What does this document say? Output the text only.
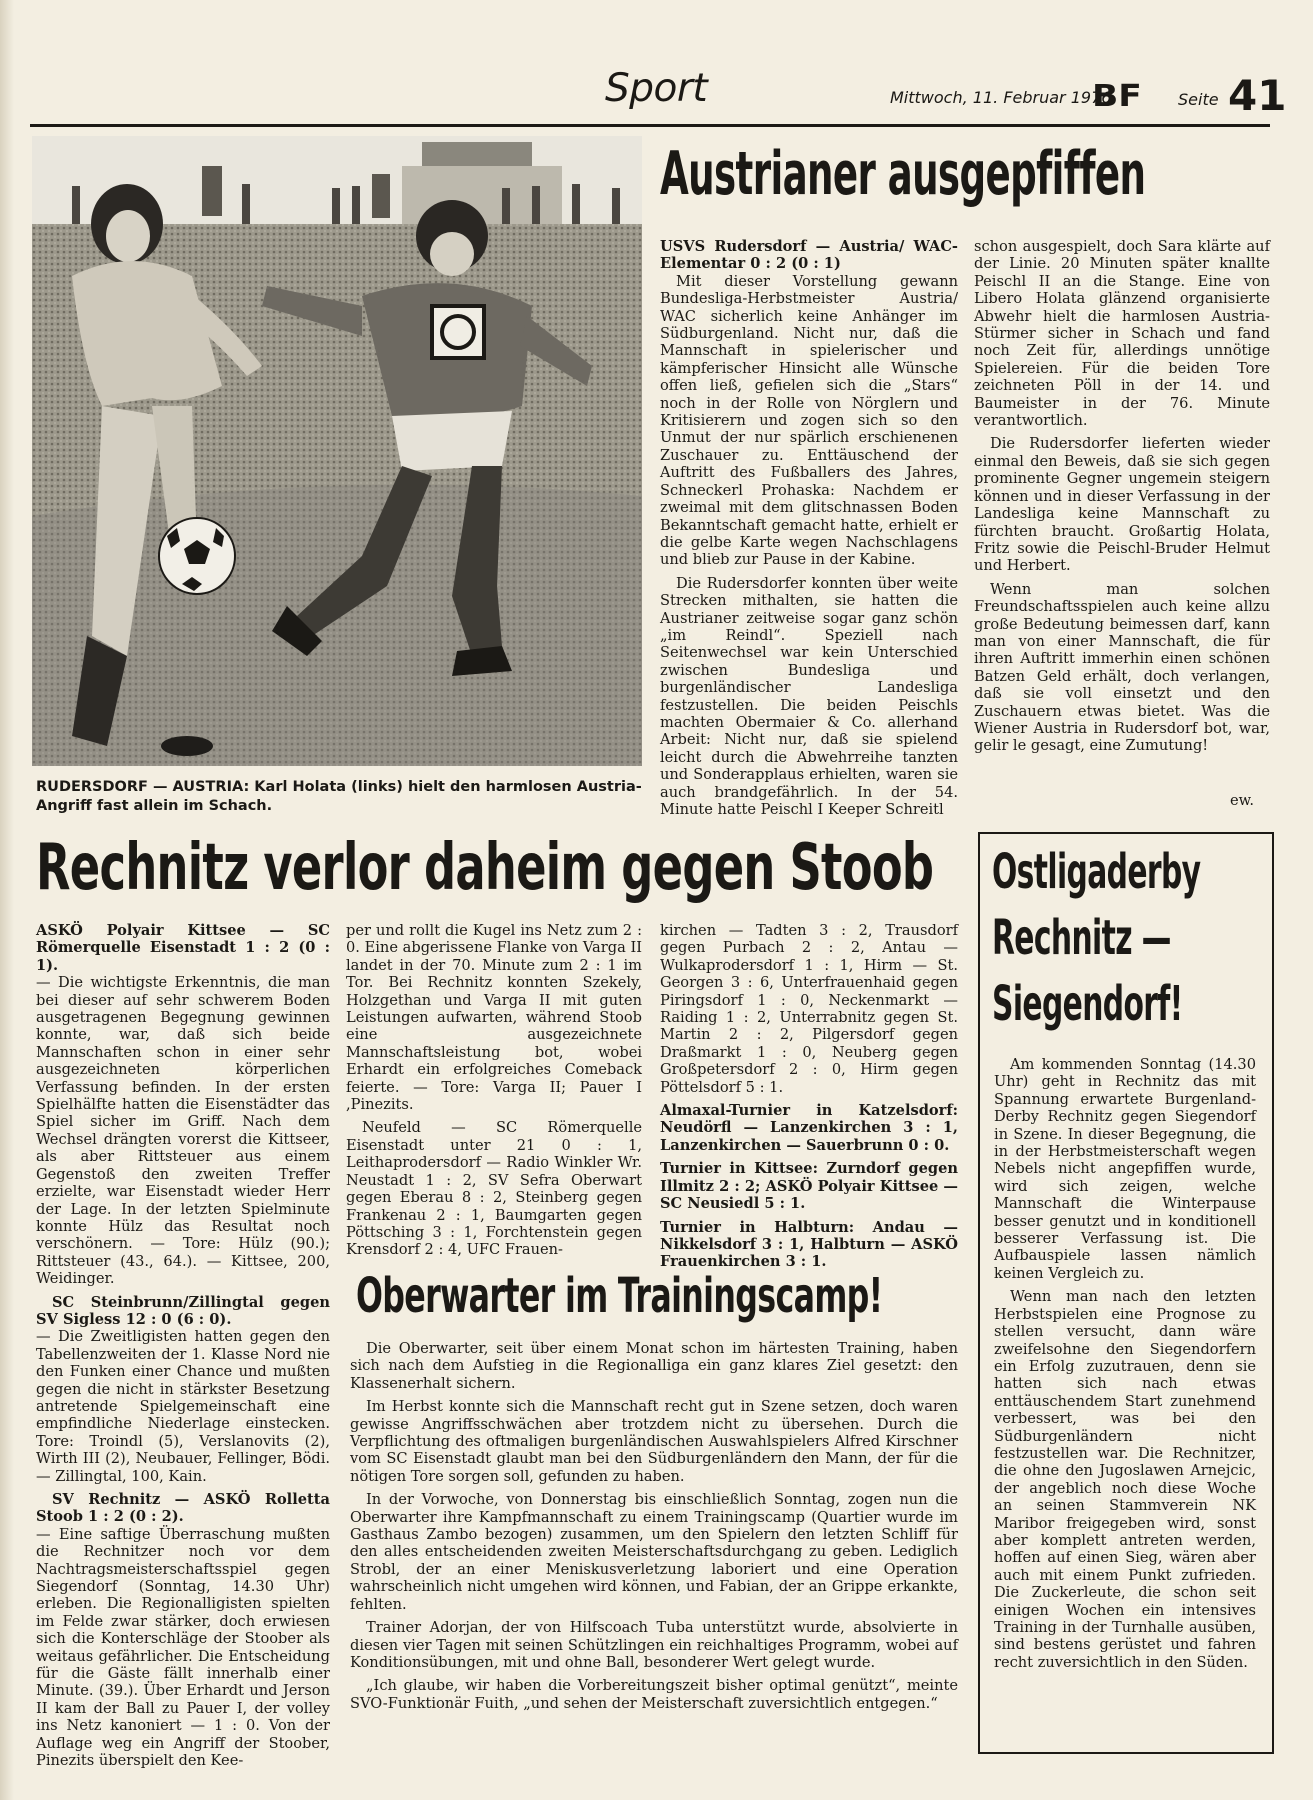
Sport	Mittwoch, 11. Februar 1976
BF Seite 41
Austrianer ausgepfiffen
RUDERSDORF — AUSTRIA: Karl Holata (links) hielt den harmlosen Austria-Angriff fast allein im Schach.

USVS Rudersdorf — Austria/ WAC-Elementar 0 : 2 (0 : 1)

Mit dieser Vorstellung gewann Bundesliga-Herbstmeister Austria/ WAC sicherlich keine Anhänger im Südburgenland. Nicht nur, daß die Mannschaft in spielerischer und kämpferischer Hinsicht alle Wünsche offen ließ, gefielen sich die „Stars“ noch in der Rolle von Nörglern und Kritisierern und zogen sich so den Unmut der nur spärlich erschienenen Zuschauer zu. Enttäuschend der Auftritt des Fußballers des Jahres, Schneckerl Prohaska: Nachdem er zweimal mit dem glitschnassen Boden Bekanntschaft gemacht hatte, erhielt er die gelbe Karte wegen Nachschlagens und blieb zur Pause in der Kabine.

Die Rudersdorfer konnten über weite Strecken mithalten, sie hatten die Austrianer zeitweise sogar ganz schön „im Reindl“. Speziell nach Seitenwechsel war kein Unterschied zwischen Bundesliga und burgenländischer Landesliga festzustellen. Die beiden Peischls machten Obermaier & Co. allerhand Arbeit: Nicht nur, daß sie spielend leicht durch die Abwehrreihe tanzten und Sonderapplaus erhielten, waren sie auch brandgefährlich. In der 54. Minute hatte Peischl I Keeper Schreitl

schon ausgespielt, doch Sara klärte auf der Linie. 20 Minuten später knallte Peischl II an die Stange. Eine von Libero Holata glänzend organisierte Abwehr hielt die harmlosen Austria-Stürmer sicher in Schach und fand noch Zeit für, allerdings unnötige Spielereien. Für die beiden Tore zeichneten Pöll in der 14. und Baumeister in der 76. Minute verantwortlich.

Die Rudersdorfer lieferten wieder einmal den Beweis, daß sie sich gegen prominente Gegner ungemein steigern können und in dieser Verfassung in der Landesliga keine Mannschaft zu fürchten braucht. Großartig Holata, Fritz sowie die Peischl-Bruder Helmut und Herbert.

Wenn man solchen Freundschaftsspielen auch keine allzu große Bedeutung beimessen darf, kann man von einer Mannschaft, die für ihren Auftritt immerhin einen schönen Batzen Geld erhält, doch verlangen, daß sie voll einsetzt und den Zuschauern etwas bietet. Was die Wiener Austria in Rudersdorf bot, war, gelir le gesagt, eine Zumutung!

ew.
Rechnitz verlor daheim gegen Stoob

ASKÖ Polyair Kittsee — SC Römerquelle Eisenstadt 1 : 2 (0 : 1).

— Die wichtigste Erkenntnis, die man bei dieser auf sehr schwerem Boden ausgetragenen Begegnung gewinnen konnte, war, daß sich beide Mannschaften schon in einer sehr ausgezeichneten körperlichen Verfassung befinden. In der ersten Spielhälfte hatten die Eisenstädter das Spiel sicher im Griff. Nach dem Wechsel drängten vorerst die Kittseer, als aber Rittsteuer aus einem Gegenstoß den zweiten Treffer erzielte, war Eisenstadt wieder Herr der Lage. In der letzten Spielminute konnte Hülz das Resultat noch verschönern. — Tore: Hülz (90.); Rittsteuer (43., 64.). — Kittsee, 200, Weidinger.

SC Steinbrunn/Zillingtal gegen SV Sigless 12 : 0 (6 : 0).

— Die Zweitligisten hatten gegen den Tabellenzweiten der 1. Klasse Nord nie den Funken einer Chance und mußten gegen die nicht in stärkster Besetzung antretende Spielgemeinschaft eine empfindliche Niederlage einstecken. Tore: Troindl (5), Verslanovits (2), Wirth III (2), Neubauer, Fellinger, Bödi. — Zillingtal, 100, Kain.

SV Rechnitz — ASKÖ Rolletta Stoob 1 : 2 (0 : 2).

— Eine saftige Überraschung mußten die Rechnitzer noch vor dem Nachtragsmeisterschaftsspiel gegen Siegendorf (Sonntag, 14.30 Uhr) erleben. Die Regionalligisten spielten im Felde zwar stärker, doch erwiesen sich die Konterschläge der Stoober als weitaus gefährlicher. Die Entscheidung für die Gäste fällt innerhalb einer Minute. (39.). Über Erhardt und Jerson II kam der Ball zu Pauer I, der volley ins Netz kanoniert — 1 : 0. Von der Auflage weg ein Angriff der Stoober, Pinezits überspielt den Kee-

per und rollt die Kugel ins Netz zum 2 : 0. Eine abgerissene Flanke von Varga II landet in der 70. Minute zum 2 : 1 im Tor. Bei Rechnitz konnten Szekely, Holzgethan und Varga II mit guten Leistungen aufwarten, während Stoob eine ausgezeichnete Mannschaftsleistung bot, wobei Erhardt ein erfolgreiches Comeback feierte. — Tore: Varga II; Pauer I ,Pinezits.

Neufeld — SC Römerquelle Eisenstadt unter 21 0 : 1, Leithaprodersdorf — Radio Winkler Wr. Neustadt 1 : 2, SV Sefra Oberwart gegen Eberau 8 : 2, Steinberg gegen Frankenau 2 : 1, Baumgarten gegen Pöttsching 3 : 1, Forchtenstein gegen Krensdorf 2 : 4, UFC Frauen-

kirchen — Tadten 3 : 2, Trausdorf gegen Purbach 2 : 2, Antau — Wulkaprodersdorf 1 : 1, Hirm — St. Georgen 3 : 6, Unterfrauenhaid gegen Piringsdorf 1 : 0, Neckenmarkt — Raiding 1 : 2, Unterrabnitz gegen St. Martin 2 : 2, Pilgersdorf gegen Draßmarkt 1 : 0, Neuberg gegen Großpetersdorf 2 : 0, Hirm gegen Pöttelsdorf 5 : 1.

Almaxal-Turnier in Katzelsdorf: Neudörfl — Lanzenkirchen 3 : 1, Lanzenkirchen — Sauerbrunn 0 : 0.

Turnier in Kittsee: Zurndorf gegen Illmitz 2 : 2; ASKÖ Polyair Kittsee — SC Neusiedl 5 : 1.

Turnier in Halbturn: Andau — Nikkelsdorf 3 : 1, Halbturn — ASKÖ Frauenkirchen 3 : 1.

Oberwarter im Trainingscamp!

Die Oberwarter, seit über einem Monat schon im härtesten Training, haben sich nach dem Aufstieg in die Regionalliga ein ganz klares Ziel gesetzt: den Klassenerhalt sichern.

Im Herbst konnte sich die Mannschaft recht gut in Szene setzen, doch waren gewisse Angriffsschwächen aber trotzdem nicht zu übersehen. Durch die Verpflichtung des oftmaligen burgenländischen Auswahlspielers Alfred Kirschner vom SC Eisenstadt glaubt man bei den Südburgenländern den Mann, der für die nötigen Tore sorgen soll, gefunden zu haben.

In der Vorwoche, von Donnerstag bis einschließlich Sonntag, zogen nun die Oberwarter ihre Kampfmannschaft zu einem Trainingscamp (Quartier wurde im Gasthaus Zambo bezogen) zusammen, um den Spielern den letzten Schliff für den alles entscheidenden zweiten Meisterschaftsdurchgang zu geben. Lediglich Strobl, der an einer Meniskusverletzung laboriert und eine Operation wahrscheinlich nicht umgehen wird können, und Fabian, der an Grippe erkankte, fehlten.

Trainer Adorjan, der von Hilfscoach Tuba unterstützt wurde, absolvierte in diesen vier Tagen mit seinen Schützlingen ein reichhaltiges Programm, wobei auf Konditionsübungen, mit und ohne Ball, besonderer Wert gelegt wurde.

„Ich glaube, wir haben die Vorbereitungszeit bisher optimal genützt“, meinte SVO-Funktionär Fuith, „und sehen der Meisterschaft zuversichtlich entgegen.“

Ostligaderby
Rechnitz —
Siegendorf!

Am kommenden Sonntag (14.30 Uhr) geht in Rechnitz das mit Spannung erwartete Burgenland-Derby Rechnitz gegen Siegendorf in Szene. In dieser Begegnung, die in der Herbstmeisterschaft wegen Nebels nicht angepfiffen wurde, wird sich zeigen, welche Mannschaft die Winterpause besser genutzt und in konditionell besserer Verfassung ist. Die Aufbauspiele lassen nämlich keinen Vergleich zu.

Wenn man nach den letzten Herbstspielen eine Prognose zu stellen versucht, dann wäre zweifelsohne den Siegendorfern ein Erfolg zuzutrauen, denn sie hatten sich nach etwas enttäuschendem Start zunehmend verbessert, was bei den Südburgenländern nicht festzustellen war. Die Rechnitzer, die ohne den Jugoslawen Arnejcic, der angeblich noch diese Woche an seinen Stammverein NK Maribor freigegeben wird, sonst aber komplett antreten werden, hoffen auf einen Sieg, wären aber auch mit einem Punkt zufrieden. Die Zuckerleute, die schon seit einigen Wochen ein intensives Training in der Turnhalle ausüben, sind bestens gerüstet und fahren recht zuversichtlich in den Süden.
